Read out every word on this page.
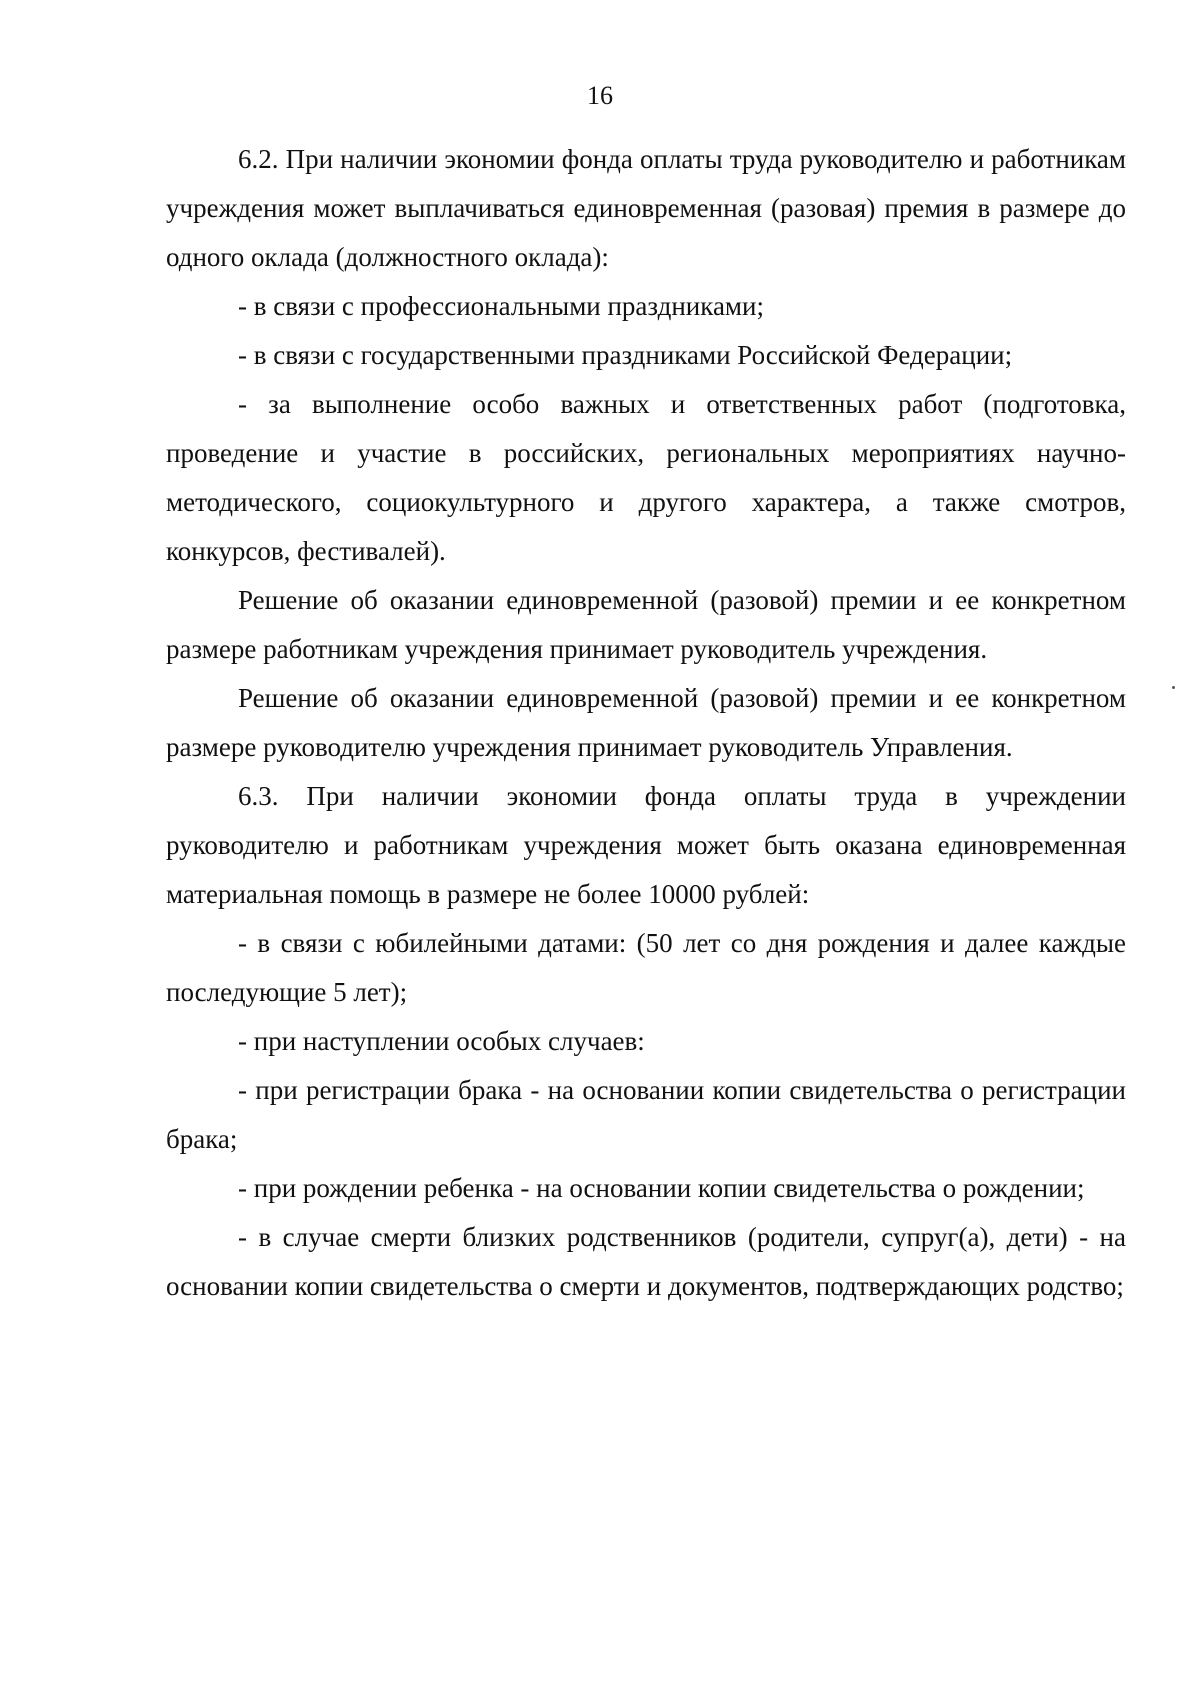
16

6.2. При наличии экономии фонда оплаты труда руководителю и работникам учреждения может выплачиваться единовременная (разовая) премия в размере до одного оклада (должностного оклада):

- в связи с профессиональными праздниками;

- в связи с государственными праздниками Российской Федерации;

- за выполнение особо важных и ответственных работ (подготовка, проведение и участие в российских, региональных мероприятиях научно-методического, социокультурного и другого характера, а также смотров, конкурсов, фестивалей).

Решение об оказании единовременной (разовой) премии и ее конкретном размере работникам учреждения принимает руководитель учреждения.

Решение об оказании единовременной (разовой) премии и ее конкретном размере руководителю учреждения принимает руководитель Управления.

6.3. При наличии экономии фонда оплаты труда в учреждении руководителю и работникам учреждения может быть оказана единовременная материальная помощь в размере не более 10000 рублей:

- в связи с юбилейными датами: (50 лет со дня рождения и далее каждые последующие 5 лет);

- при наступлении особых случаев:

- при регистрации брака - на основании копии свидетельства о регистрации брака;

- при рождении ребенка - на основании копии свидетельства о рождении;

- в случае смерти близких родственников (родители, супруг(а), дети) - на основании копии свидетельства о смерти и документов, подтверждающих родство;
